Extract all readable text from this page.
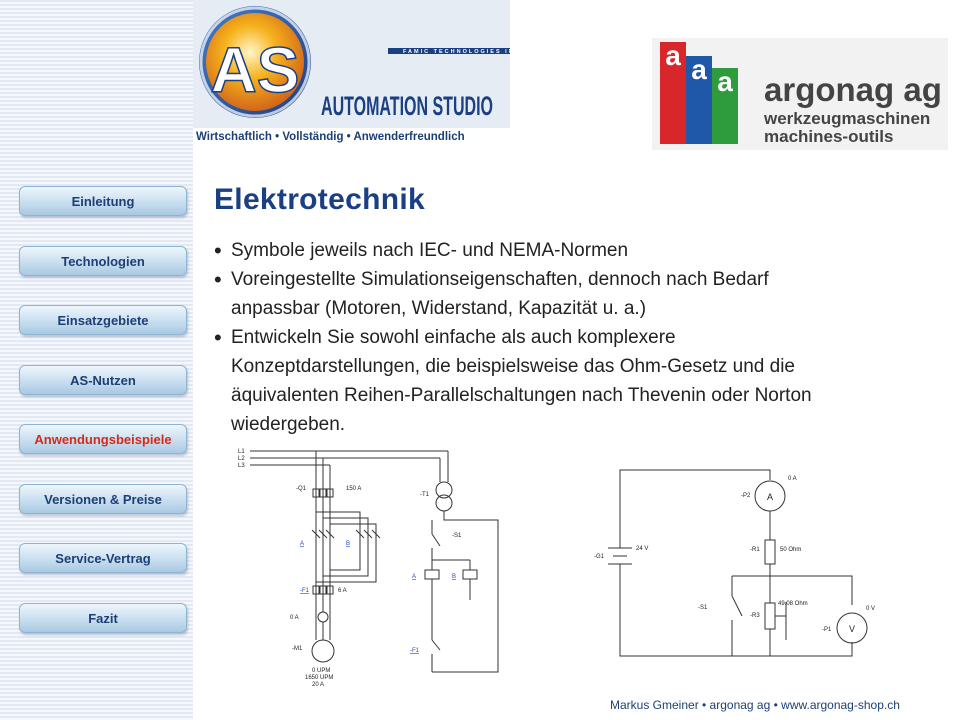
Einleitung
Technologien
Einsatzgebiete
AS-Nutzen
Anwendungsbeispiele
Versionen & Preise
Service-Vertrag
Fazit
AS	FAMIC TECHNOLOGIES INC.
AUTOMATION STUDIO
Wirtschaftlich • Vollständig • Anwenderfreundlich
a a a argonag ag
werkzeugmaschinen
machines-outils
Elektrotechnik
• Symbole jeweils nach IEC- und NEMA-Normen
• Voreingestellte Simulationseigenschaften, dennoch nach Bedarf anpassbar (Motoren, Widerstand, Kapazität u. a.)
• Entwickeln Sie sowohl einfache als auch komplexere Konzeptdarstellungen, die beispielsweise das Ohm-Gesetz und die äquivalenten Reihen-Parallelschaltungen nach Thevenin oder Norton wiedergeben.
L1
L2
L3
-Q1	150 A
-T1
-S1
A	B
A	B
-F1	6 A
0 A
-M1	-F1
0 UPM
1650 UPM
20 A
-G1
24 V
-P2
0 A
A
-R1	50 Ohm
-S1
-R3
49.08 Ohm
0 V
-P1 V
Markus Gmeiner • argonag ag • www.argonag-shop.ch
